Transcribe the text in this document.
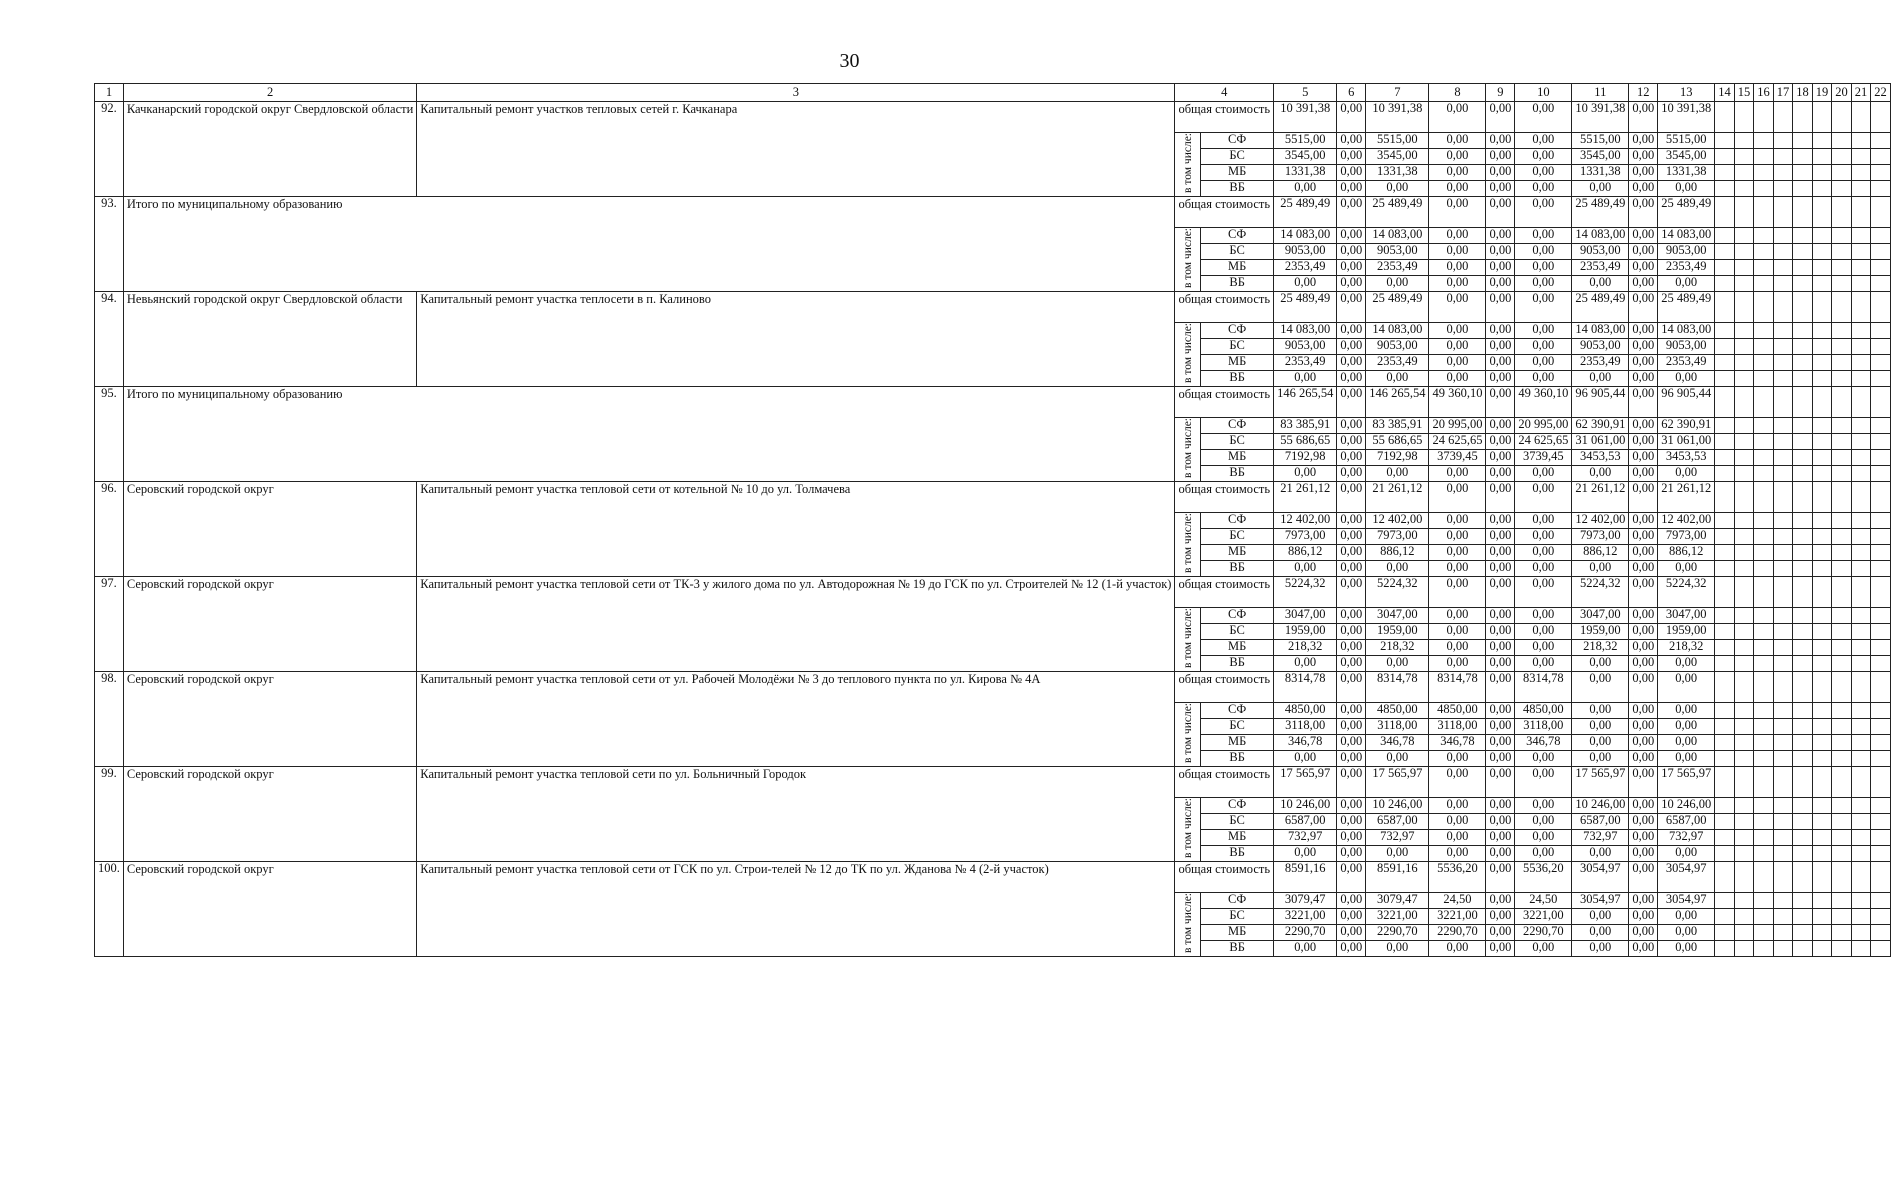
30
1	2	3	4		5	6	7	8	9	10	11	12	13	14	15	16	17	18	19	20	21	22
92.	Качканарский городской округ Свердловской области	Капитальный ремонт участков тепловых сетей г. Качканара	общая стоимость		10 391,38	0,00	10 391,38	0,00	0,00	0,00	10 391,38	0,00	10 391,38									
			в том числе:	СФ	5515,00	0,00	5515,00	0,00	0,00	0,00	5515,00	0,00	5515,00									
				БС	3545,00	0,00	3545,00	0,00	0,00	0,00	3545,00	0,00	3545,00									
				МБ	1331,38	0,00	1331,38	0,00	0,00	0,00	1331,38	0,00	1331,38									
				ВБ	0,00	0,00	0,00	0,00	0,00	0,00	0,00	0,00	0,00									
93.	Итого по муниципальному образованию		общая стоимость		25 489,49	0,00	25 489,49	0,00	0,00	0,00	25 489,49	0,00	25 489,49									
			в том числе:	СФ	14 083,00	0,00	14 083,00	0,00	0,00	0,00	14 083,00	0,00	14 083,00									
				БС	9053,00	0,00	9053,00	0,00	0,00	0,00	9053,00	0,00	9053,00									
				МБ	2353,49	0,00	2353,49	0,00	0,00	0,00	2353,49	0,00	2353,49									
				ВБ	0,00	0,00	0,00	0,00	0,00	0,00	0,00	0,00	0,00									
94.	Невьянский городской округ Свердловской области	Капитальный ремонт участка теплосети в п. Калиново	общая стоимость		25 489,49	0,00	25 489,49	0,00	0,00	0,00	25 489,49	0,00	25 489,49									
			в том числе:	СФ	14 083,00	0,00	14 083,00	0,00	0,00	0,00	14 083,00	0,00	14 083,00									
				БС	9053,00	0,00	9053,00	0,00	0,00	0,00	9053,00	0,00	9053,00									
				МБ	2353,49	0,00	2353,49	0,00	0,00	0,00	2353,49	0,00	2353,49									
				ВБ	0,00	0,00	0,00	0,00	0,00	0,00	0,00	0,00	0,00									
95.	Итого по муниципальному образованию		общая стоимость		146 265,54	0,00	146 265,54	49 360,10	0,00	49 360,10	96 905,44	0,00	96 905,44									
			в том числе:	СФ	83 385,91	0,00	83 385,91	20 995,00	0,00	20 995,00	62 390,91	0,00	62 390,91									
				БС	55 686,65	0,00	55 686,65	24 625,65	0,00	24 625,65	31 061,00	0,00	31 061,00									
				МБ	7192,98	0,00	7192,98	3739,45	0,00	3739,45	3453,53	0,00	3453,53									
				ВБ	0,00	0,00	0,00	0,00	0,00	0,00	0,00	0,00	0,00									
96.	Серовский городской округ	Капитальный ремонт участка тепловой сети от котельной № 10 до ул. Толмачева	общая стоимость		21 261,12	0,00	21 261,12	0,00	0,00	0,00	21 261,12	0,00	21 261,12									
			в том числе:	СФ	12 402,00	0,00	12 402,00	0,00	0,00	0,00	12 402,00	0,00	12 402,00									
				БС	7973,00	0,00	7973,00	0,00	0,00	0,00	7973,00	0,00	7973,00									
				МБ	886,12	0,00	886,12	0,00	0,00	0,00	886,12	0,00	886,12									
				ВБ	0,00	0,00	0,00	0,00	0,00	0,00	0,00	0,00	0,00									
97.	Серовский городской округ	Капитальный ремонт участка тепловой сети от ТК-3 у жилого дома по ул. Автодорожная № 19 до ГСК по ул. Строителей № 12 (1-й участок)	общая стоимость		5224,32	0,00	5224,32	0,00	0,00	0,00	5224,32	0,00	5224,32									
			в том числе:	СФ	3047,00	0,00	3047,00	0,00	0,00	0,00	3047,00	0,00	3047,00									
				БС	1959,00	0,00	1959,00	0,00	0,00	0,00	1959,00	0,00	1959,00									
				МБ	218,32	0,00	218,32	0,00	0,00	0,00	218,32	0,00	218,32									
				ВБ	0,00	0,00	0,00	0,00	0,00	0,00	0,00	0,00	0,00									
98.	Серовский городской округ	Капитальный ремонт участка тепловой сети от ул. Рабочей Молодёжи № 3 до теплового пункта по ул. Кирова № 4А	общая стоимость		8314,78	0,00	8314,78	8314,78	0,00	8314,78	0,00	0,00	0,00									
			в том числе:	СФ	4850,00	0,00	4850,00	4850,00	0,00	4850,00	0,00	0,00	0,00									
				БС	3118,00	0,00	3118,00	3118,00	0,00	3118,00	0,00	0,00	0,00									
				МБ	346,78	0,00	346,78	346,78	0,00	346,78	0,00	0,00	0,00									
				ВБ	0,00	0,00	0,00	0,00	0,00	0,00	0,00	0,00	0,00									
99.	Серовский городской округ	Капитальный ремонт участка тепловой сети по ул. Больничный Городок	общая стоимость		17 565,97	0,00	17 565,97	0,00	0,00	0,00	17 565,97	0,00	17 565,97									
			в том числе:	СФ	10 246,00	0,00	10 246,00	0,00	0,00	0,00	10 246,00	0,00	10 246,00									
				БС	6587,00	0,00	6587,00	0,00	0,00	0,00	6587,00	0,00	6587,00									
				МБ	732,97	0,00	732,97	0,00	0,00	0,00	732,97	0,00	732,97									
				ВБ	0,00	0,00	0,00	0,00	0,00	0,00	0,00	0,00	0,00									
100.	Серовский городской округ	Капитальный ремонт участка тепловой сети от ГСК по ул. Строи-телей № 12 до ТК по ул. Жданова № 4 (2-й участок)	общая стоимость		8591,16	0,00	8591,16	5536,20	0,00	5536,20	3054,97	0,00	3054,97									
			в том числе:	СФ	3079,47	0,00	3079,47	24,50	0,00	24,50	3054,97	0,00	3054,97									
				БС	3221,00	0,00	3221,00	3221,00	0,00	3221,00	0,00	0,00	0,00									
				МБ	2290,70	0,00	2290,70	2290,70	0,00	2290,70	0,00	0,00	0,00									
				ВБ	0,00	0,00	0,00	0,00	0,00	0,00	0,00	0,00	0,00									
